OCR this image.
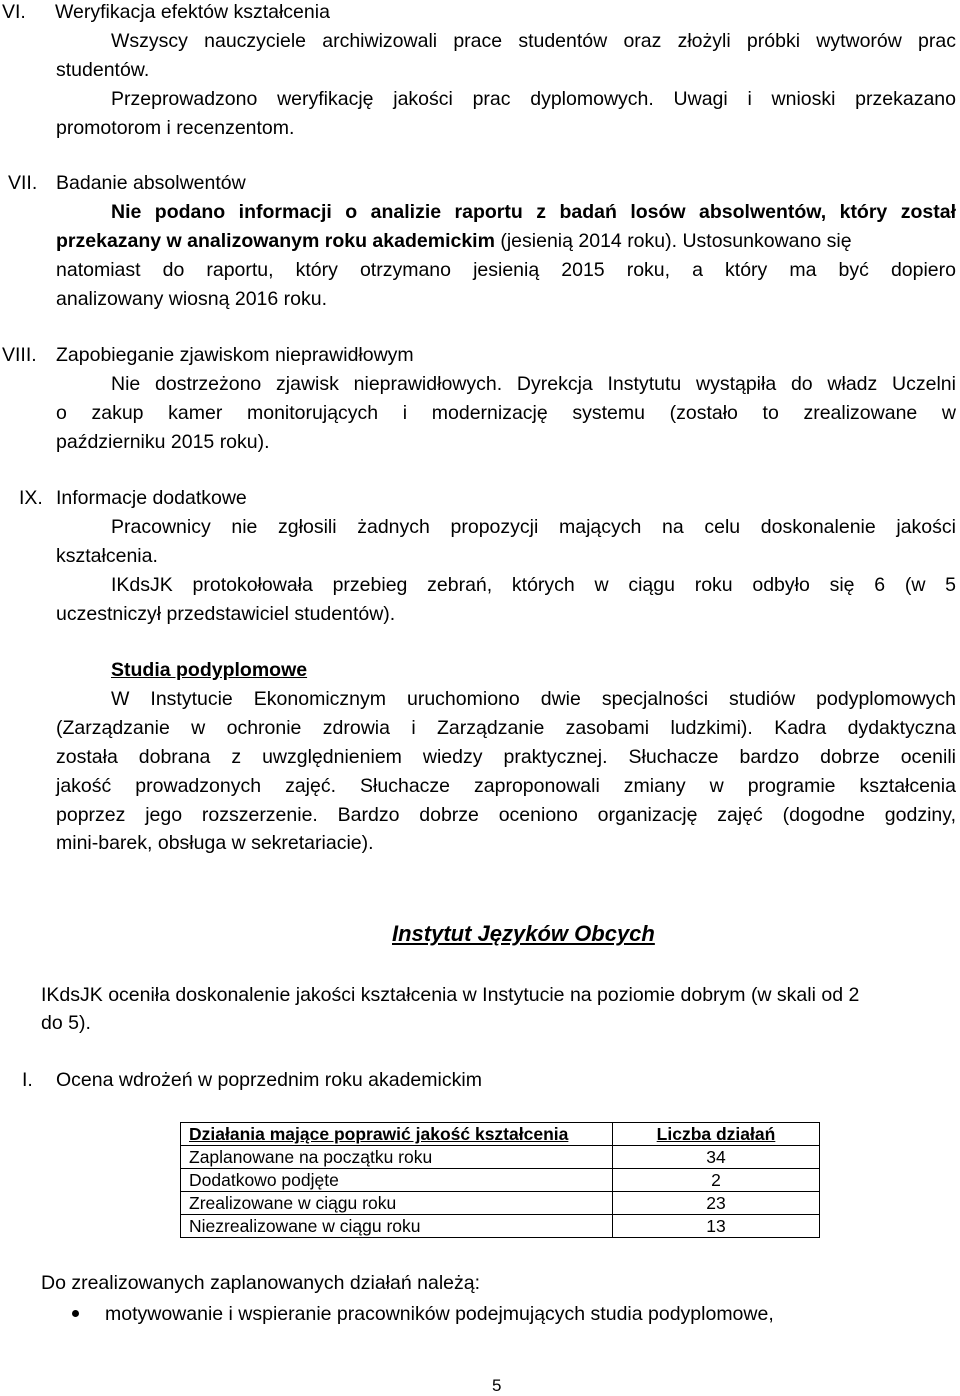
VI. Weryfikacja efektów kształcenia
Wszyscy nauczyciele archiwizowali prace studentów oraz złożyli próbki wytworów prac
studentów.
Przeprowadzono weryfikację jakości prac dyplomowych. Uwagi i wnioski przekazano
promotorom i recenzentom.
VII. Badanie absolwentów
Nie podano informacji o analizie raportu z badań losów absolwentów, który został
przekazany w analizowanym roku akademickim (jesienią 2014 roku). Ustosunkowano się
natomiast do raportu, który otrzymano jesienią 2015 roku, a który ma być dopiero
analizowany wiosną 2016 roku.
VIII. Zapobieganie zjawiskom nieprawidłowym
Nie dostrzeżono zjawisk nieprawidłowych. Dyrekcja Instytutu wystąpiła do władz Uczelni
o zakup kamer monitorujących i modernizację systemu (zostało to zrealizowane w
październiku 2015 roku).
IX. Informacje dodatkowe
Pracownicy nie zgłosili żadnych propozycji mających na celu doskonalenie jakości
kształcenia.
IKdsJK protokołowała przebieg zebrań, których w ciągu roku odbyło się 6 (w 5
uczestniczył przedstawiciel studentów).
Studia podyplomowe
W Instytucie Ekonomicznym uruchomiono dwie specjalności studiów podyplomowych
(Zarządzanie w ochronie zdrowia i Zarządzanie zasobami ludzkimi). Kadra dydaktyczna
została dobrana z uwzględnieniem wiedzy praktycznej. Słuchacze bardzo dobrze ocenili
jakość prowadzonych zajęć. Słuchacze zaproponowali zmiany w programie kształcenia
poprzez jego rozszerzenie. Bardzo dobrze oceniono organizację zajęć (dogodne godziny,
mini-barek, obsługa w sekretariacie).
Instytut Języków Obcych
IKdsJK oceniła doskonalenie jakości kształcenia w Instytucie na poziomie dobrym (w skali od 2
do 5).
I. Ocena wdrożeń w poprzednim roku akademickim
Działania mające poprawić jakość kształcenia	Liczba działań
Zaplanowane na początku roku	34
Dodatkowo podjęte	2
Zrealizowane w ciągu roku	23
Niezrealizowane w ciągu roku	13
Do zrealizowanych zaplanowanych działań należą:
motywowanie i wspieranie pracowników podejmujących studia podyplomowe,
5
